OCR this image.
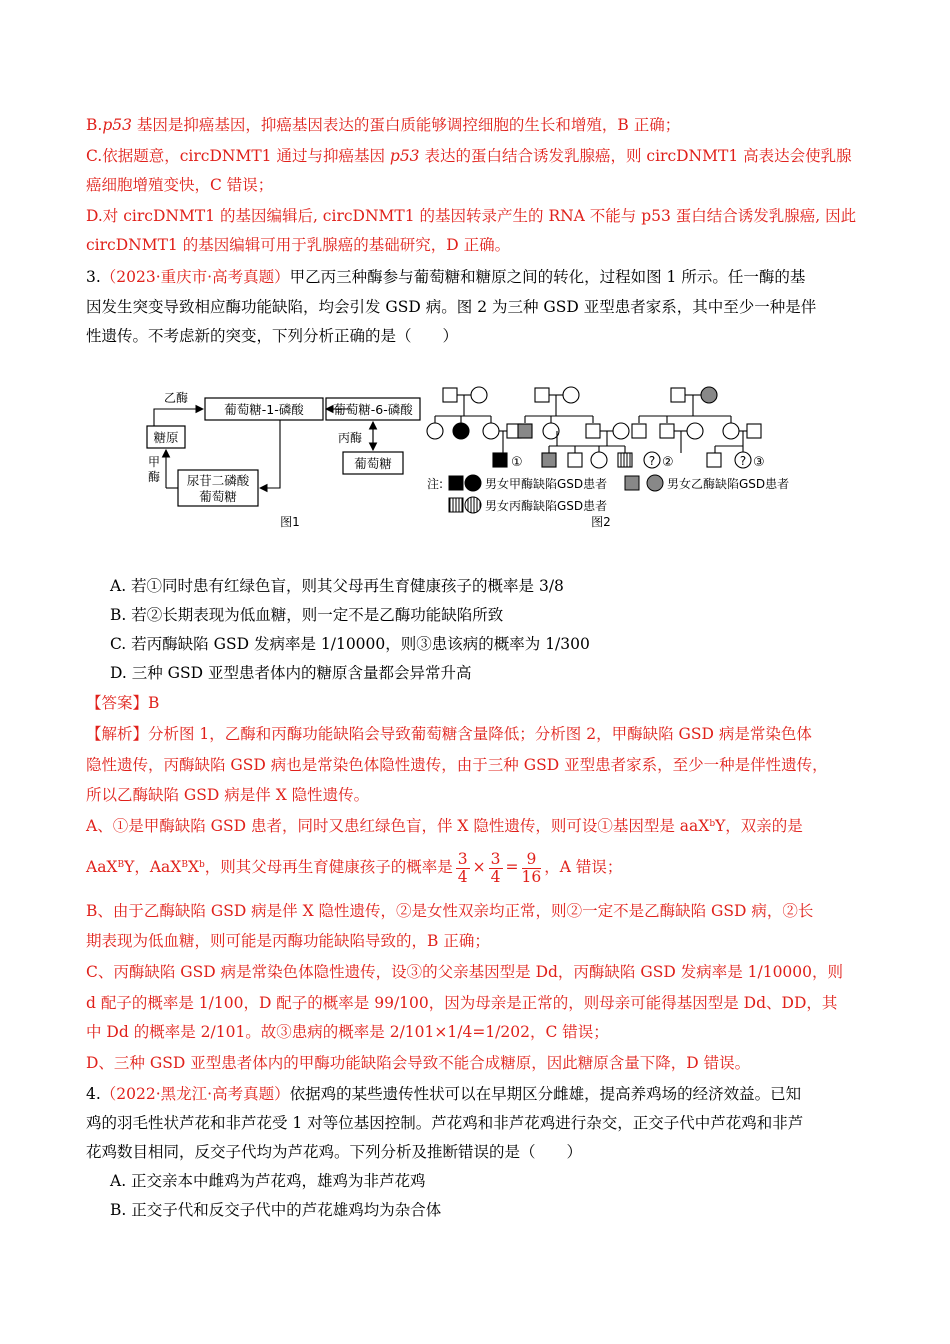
B.p53 基因是抑癌基因，抑癌基因表达的蛋白质能够调控细胞的生长和增殖，B 正确；
C.依据题意，circDNMT1 通过与抑癌基因 p53 表达的蛋白结合诱发乳腺癌，则 circDNMT1 高表达会使乳腺
癌细胞增殖变快，C 错误；
D.对 circDNMT1 的基因编辑后, circDNMT1 的基因转录产生的 RNA 不能与 p53 蛋白结合诱发乳腺癌, 因此
circDNMT1 的基因编辑可用于乳腺癌的基础研究，D 正确。
3.（2023·重庆市·高考真题）甲乙丙三种酶参与葡萄糖和糖原之间的转化，过程如图 1 所示。任一酶的基
因发生突变导致相应酶功能缺陷，均会引发 GSD 病。图 2 为三种 GSD 亚型患者家系，其中至少一种是伴
性遗传。不考虑新的突变，下列分析正确的是（　　）
葡萄糖-1-磷酸 葡萄糖-6-磷酸
糖原
葡萄糖
尿苷二磷酸
葡萄糖
乙酶
丙酶
甲
酶
图1
?	?
①	②	③
注:	男女甲酶缺陷GSD患者	男女乙酶缺陷GSD患者
男女丙酶缺陷GSD患者
图2
A. 若①同时患有红绿色盲，则其父母再生育健康孩子的概率是 3/8
B. 若②长期表现为低血糖，则一定不是乙酶功能缺陷所致
C. 若丙酶缺陷 GSD 发病率是 1/10000，则③患该病的概率为 1/300
D. 三种 GSD 亚型患者体内的糖原含量都会异常升高
【答案】B
【解析】分析图 1，乙酶和丙酶功能缺陷会导致葡萄糖含量降低；分析图 2，甲酶缺陷 GSD 病是常染色体
隐性遗传，丙酶缺陷 GSD 病也是常染色体隐性遗传，由于三种 GSD 亚型患者家系，至少一种是伴性遗传，
所以乙酶缺陷 GSD 病是伴 X 隐性遗传。
A、①是甲酶缺陷 GSD 患者，同时又患红绿色盲，伴 X 隐性遗传，则可设①基因型是 aaX$^b$Y，双亲的是
AaX$^B$Y，$AaX^BX^b$，则其父母再生育健康孩子的概率是 $\frac{3}{4} \times \frac{3}{4} = \frac{9}{16}$ ，A 错误；
B、由于乙酶缺陷 GSD 病是伴 X 隐性遗传，②是女性双亲均正常，则②一定不是乙酶缺陷 GSD 病，②长
期表现为低血糖，则可能是丙酶功能缺陷导致的，B 正确；
C、丙酶缺陷 GSD 病是常染色体隐性遗传，设③的父亲基因型是 Dd，丙酶缺陷 GSD 发病率是 1/10000，则
d 配子的概率是 1/100，D 配子的概率是 99/100，因为母亲是正常的，则母亲可能得基因型是 Dd、DD，其
中 Dd 的概率是 2/101。故③患病的概率是 2/101×1/4=1/202，C 错误；
D、三种 GSD 亚型患者体内的甲酶功能缺陷会导致不能合成糖原，因此糖原含量下降，D 错误。
4.（2022·黑龙江·高考真题）依据鸡的某些遗传性状可以在早期区分雌雄，提高养鸡场的经济效益。已知
鸡的羽毛性状芦花和非芦花受 1 对等位基因控制。芦花鸡和非芦花鸡进行杂交，正交子代中芦花鸡和非芦
花鸡数目相同，反交子代均为芦花鸡。下列分析及推断错误的是（　　）
A. 正交亲本中雌鸡为芦花鸡，雄鸡为非芦花鸡
B. 正交子代和反交子代中的芦花雄鸡均为杂合体
